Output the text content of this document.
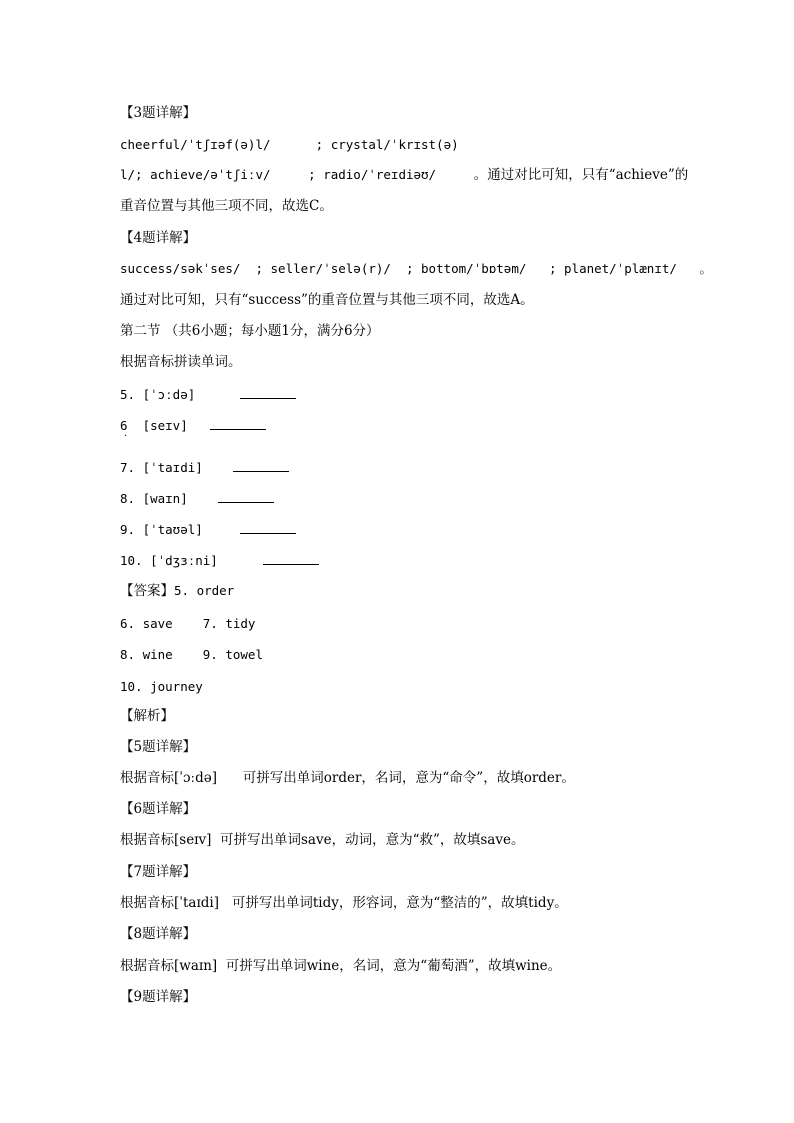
【3题详解】
cheerful/ˈtʃɪəf(ə)l/      ; crystal/ˈkrɪst(ə)
l/; achieve/əˈtʃiːv/     ; radio/ˈreɪdiəʊ/     。通过对比可知，只有“achieve”的
重音位置与其他三项不同，故选C。
【4题详解】
success/səkˈses/  ; seller/ˈselə(r)/  ; bottom/ˈbɒtəm/   ; planet/ˈplænɪt/   。
通过对比可知，只有“success”的重音位置与其他三项不同，故选A。
第二节 （共6小题；每小题1分，满分6分）
根据音标拼读单词。
5. [ˈɔːdə]
6  [seɪv]
·
7. [ˈtaɪdi]
8. [waɪn]
9. [ˈtaʊəl]
10. [ˈdʒɜːni]
【答案】5. order
6. save    7. tidy
8. wine    9. towel
10. journey
【解析】
【5题详解】
根据音标[ˈɔːdə]      可拼写出单词order，名词，意为“命令”，故填order。
【6题详解】
根据音标[seɪv]  可拼写出单词save，动词，意为“救”，故填save。
【7题详解】
根据音标[ˈtaɪdi]   可拼写出单词tidy，形容词，意为“整洁的”，故填tidy。
【8题详解】
根据音标[waɪn]  可拼写出单词wine，名词，意为“葡萄酒”，故填wine。
【9题详解】
